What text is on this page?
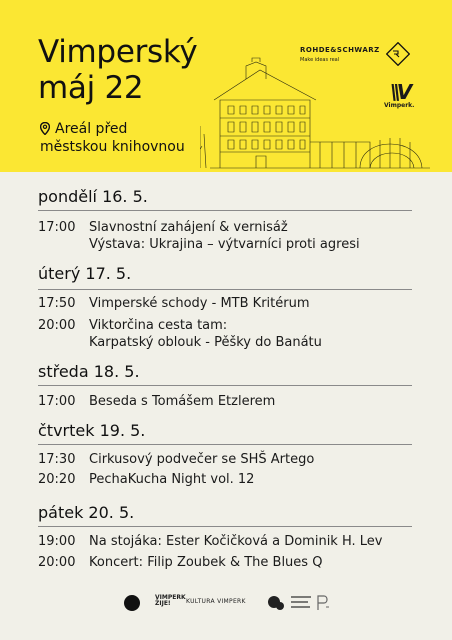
Vimperský
máj 22
Areál před
městskou knihovnou
ROHDE&SCHWARZ
Make ideas real
\\V
Vimperk.
pondělí 16. 5.
17:00 Slavnostní zahájení & vernisáž
Výstava: Ukrajina – výtvarníci proti agresi
úterý 17. 5.
17:50 Vimperské schody - MTB Kritérum
20:00 Viktorčina cesta tam:
Karpatský oblouk - Pěšky do Banátu
středa 18. 5.
17:00 Beseda s Tomášem Etzlerem
čtvrtek 19. 5.
17:30 Cirkusový podvečer se SHŠ Artego
20:20 PechaKucha Night vol. 12
pátek 20. 5.
19:00 Na stojáka: Ester Kočičková a Dominik H. Lev
20:00 Koncert: Filip Zoubek & The Blues Q
VIMPERK ŽIJE!	KULTURA VIMPERK
